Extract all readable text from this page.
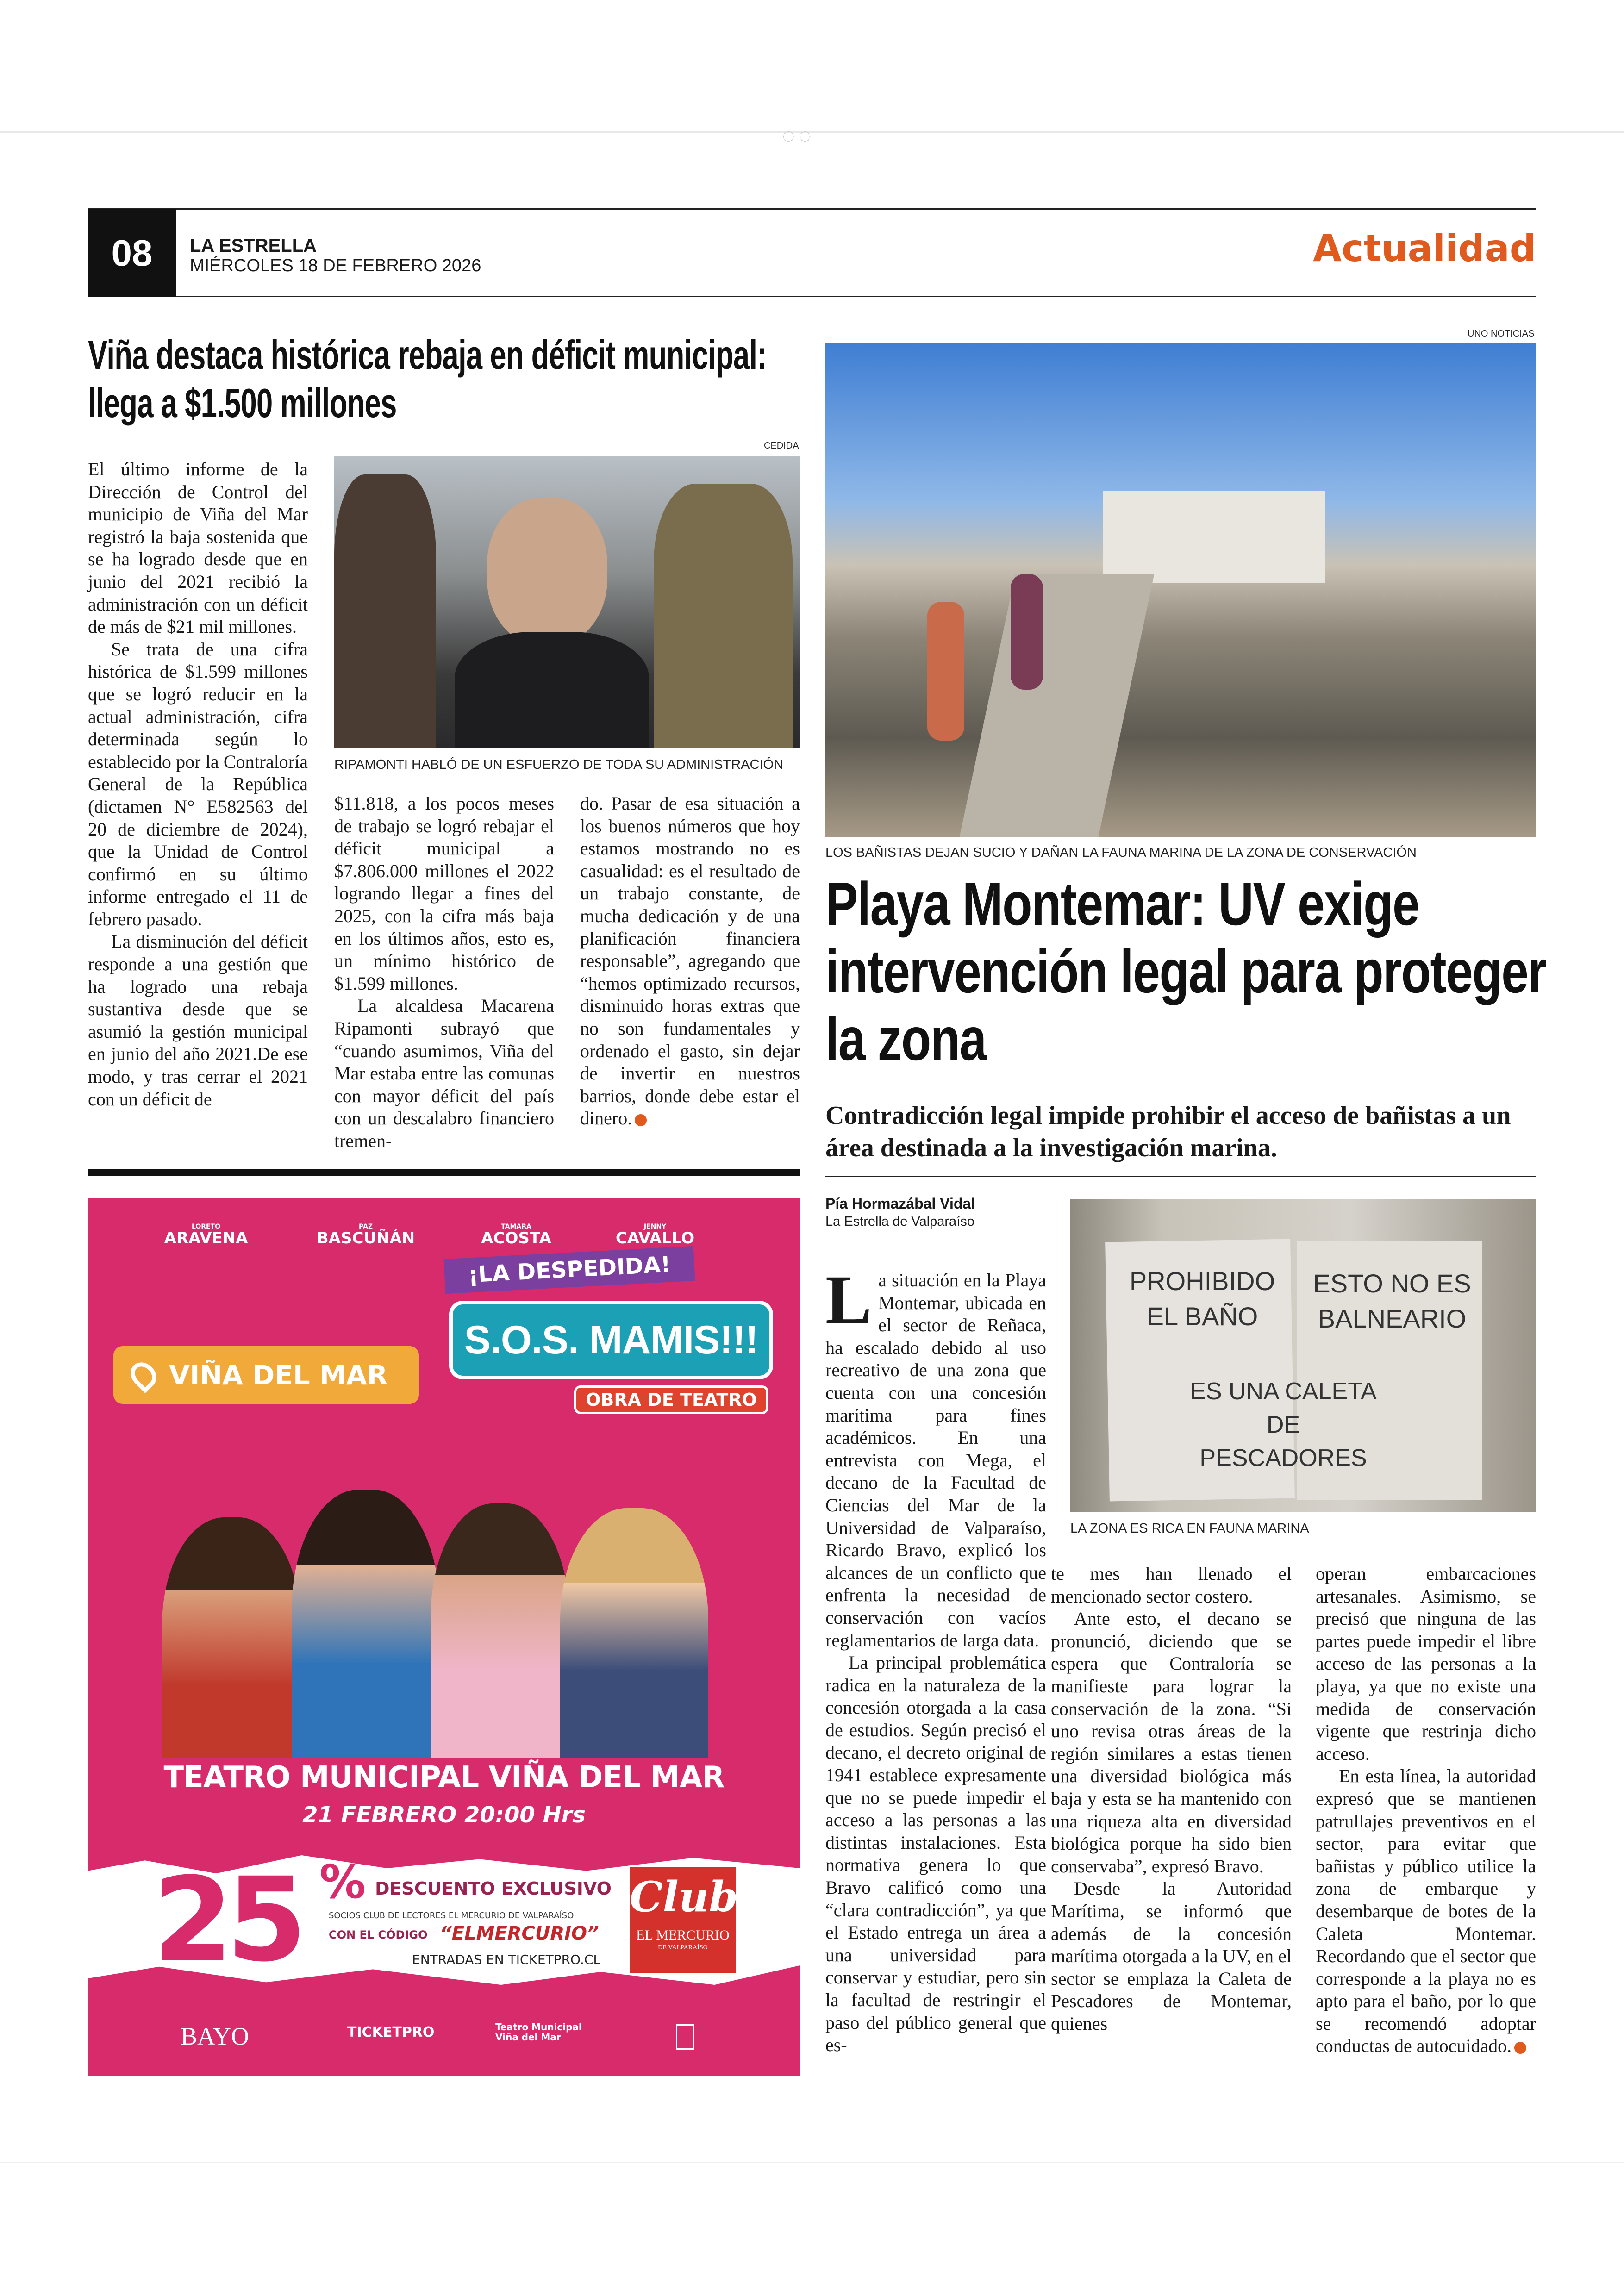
◌ ◌
08	LA ESTRELLA
MIÉRCOLES 18 DE FEBRERO 2026	Actualidad
Viña destaca histórica rebaja en déficit municipal: llega a $1.500 millones
CEDIDA
RIPAMONTI HABLÓ DE UN ESFUERZO DE TODA SU ADMINISTRACIÓN

El último informe de la Dirección de Control del municipio de Viña del Mar registró la baja sostenida que se ha logrado desde que en junio del 2021 recibió la administración con un déficit de más de $21 mil millones.

Se trata de una cifra histórica de $1.599 millones que se logró reducir en la actual administración, cifra determinada según lo establecido por la Contraloría General de la República (dictamen N° E582563 del 20 de diciembre de 2024), que la Unidad de Control confirmó en su último informe entregado el 11 de febrero pasado.

La disminución del déficit responde a una gestión que ha logrado una rebaja sustantiva desde que se asumió la gestión municipal en junio del año 2021.De ese modo, y tras cerrar el 2021 con un déficit de

$11.818, a los pocos meses de trabajo se logró rebajar el déficit municipal a $7.806.000 millones el 2022 logrando llegar a fines del 2025, con la cifra más baja en los últimos años, esto es, un mínimo histórico de $1.599 millones.

La alcaldesa Macarena Ripamonti subrayó que “cuando asumimos, Viña del Mar estaba entre las comunas con mayor déficit del país con un descalabro financiero tremen-

do. Pasar de esa situación a los buenos números que hoy estamos mostrando no es casualidad: es el resultado de un trabajo constante, de mucha dedicación y de una planificación financiera responsable”, agregando que “hemos optimizado recursos, disminuido horas extras que no son fundamentales y ordenado el gasto, sin dejar de invertir en nuestros barrios, donde debe estar el dinero.

LORETO
ARAVENA
PAZ
BASCUÑÁN
TAMARA
ACOSTA
JENNY
CAVALLO
VIÑA DEL MAR
¡LA DESPEDIDA!
S.O.S. MAMIS!!!
OBRA DE TEATRO
TEATRO MUNICIPAL VIÑA DEL MAR
21 FEBRERO 20:00 Hrs
25 % DESCUENTO EXCLUSIVO
SOCIOS CLUB DE LECTORES EL MERCURIO DE VALPARAÍSO
CON EL CÓDIGO “ELMERCURIO”
ENTRADAS EN TICKETPRO.CL
Club
EL MERCURIO
DE VALPARAÍSO
BAYO	TICKETPRO	Teatro Municipal Viña del Mar
UNO NOTICIAS
LOS BAÑISTAS DEJAN SUCIO Y DAÑAN LA FAUNA MARINA DE LA ZONA DE CONSERVACIÓN
Playa Montemar: UV exige intervención legal para proteger la zona
Contradicción legal impide prohibir el acceso de bañistas a un área destinada a la investigación marina.
Pía Hormazábal Vidal
La Estrella de Valparaíso
PROHIBIDO EL BAÑO
ESTO NO ES BALNEARIO
ES UNA CALETA DE PESCADORES
LA ZONA ES RICA EN FAUNA MARINA

La situación en la Playa Montemar, ubicada en el sector de Reñaca, ha escalado debido al uso recreativo de una zona que cuenta con una concesión marítima para fines académicos. En una entrevista con Mega, el decano de la Facultad de Ciencias del Mar de la Universidad de Valparaíso, Ricardo Bravo, explicó los alcances de un conflicto que enfrenta la necesidad de conservación con vacíos reglamentarios de larga data.

La principal problemática radica en la naturaleza de la concesión otorgada a la casa de estudios. Según precisó el decano, el decreto original de 1941 establece expresamente que no se puede impedir el acceso a las personas a las distintas instalaciones. Esta normativa genera lo que Bravo calificó como una “clara contradicción”, ya que el Estado entrega un área a una universidad para conservar y estudiar, pero sin la facultad de restringir el paso del público general que es-

te mes han llenado el mencionado sector costero.

Ante esto, el decano se pronunció, diciendo que se espera que Contraloría se manifieste para lograr la conservación de la zona. “Si uno revisa otras áreas de la región similares a estas tienen una diversidad biológica más baja y esta se ha mantenido con una riqueza alta en diversidad biológica porque ha sido bien conservaba”, expresó Bravo.

Desde la Autoridad Marítima, se informó que además de la concesión marítima otorgada a la UV, en el sector se emplaza la Caleta de Pescadores de Montemar, quienes

operan embarcaciones artesanales. Asimismo, se precisó que ninguna de las partes puede impedir el libre acceso de las personas a la playa, ya que no existe una medida de conservación vigente que restrinja dicho acceso.

En esta línea, la autoridad expresó que se mantienen patrullajes preventivos en el sector, para evitar que bañistas y público utilice la zona de embarque y desembarque de botes de la Caleta Montemar. Recordando que el sector que corresponde a la playa no es apto para el baño, por lo que se recomendó adoptar conductas de autocuidado.
